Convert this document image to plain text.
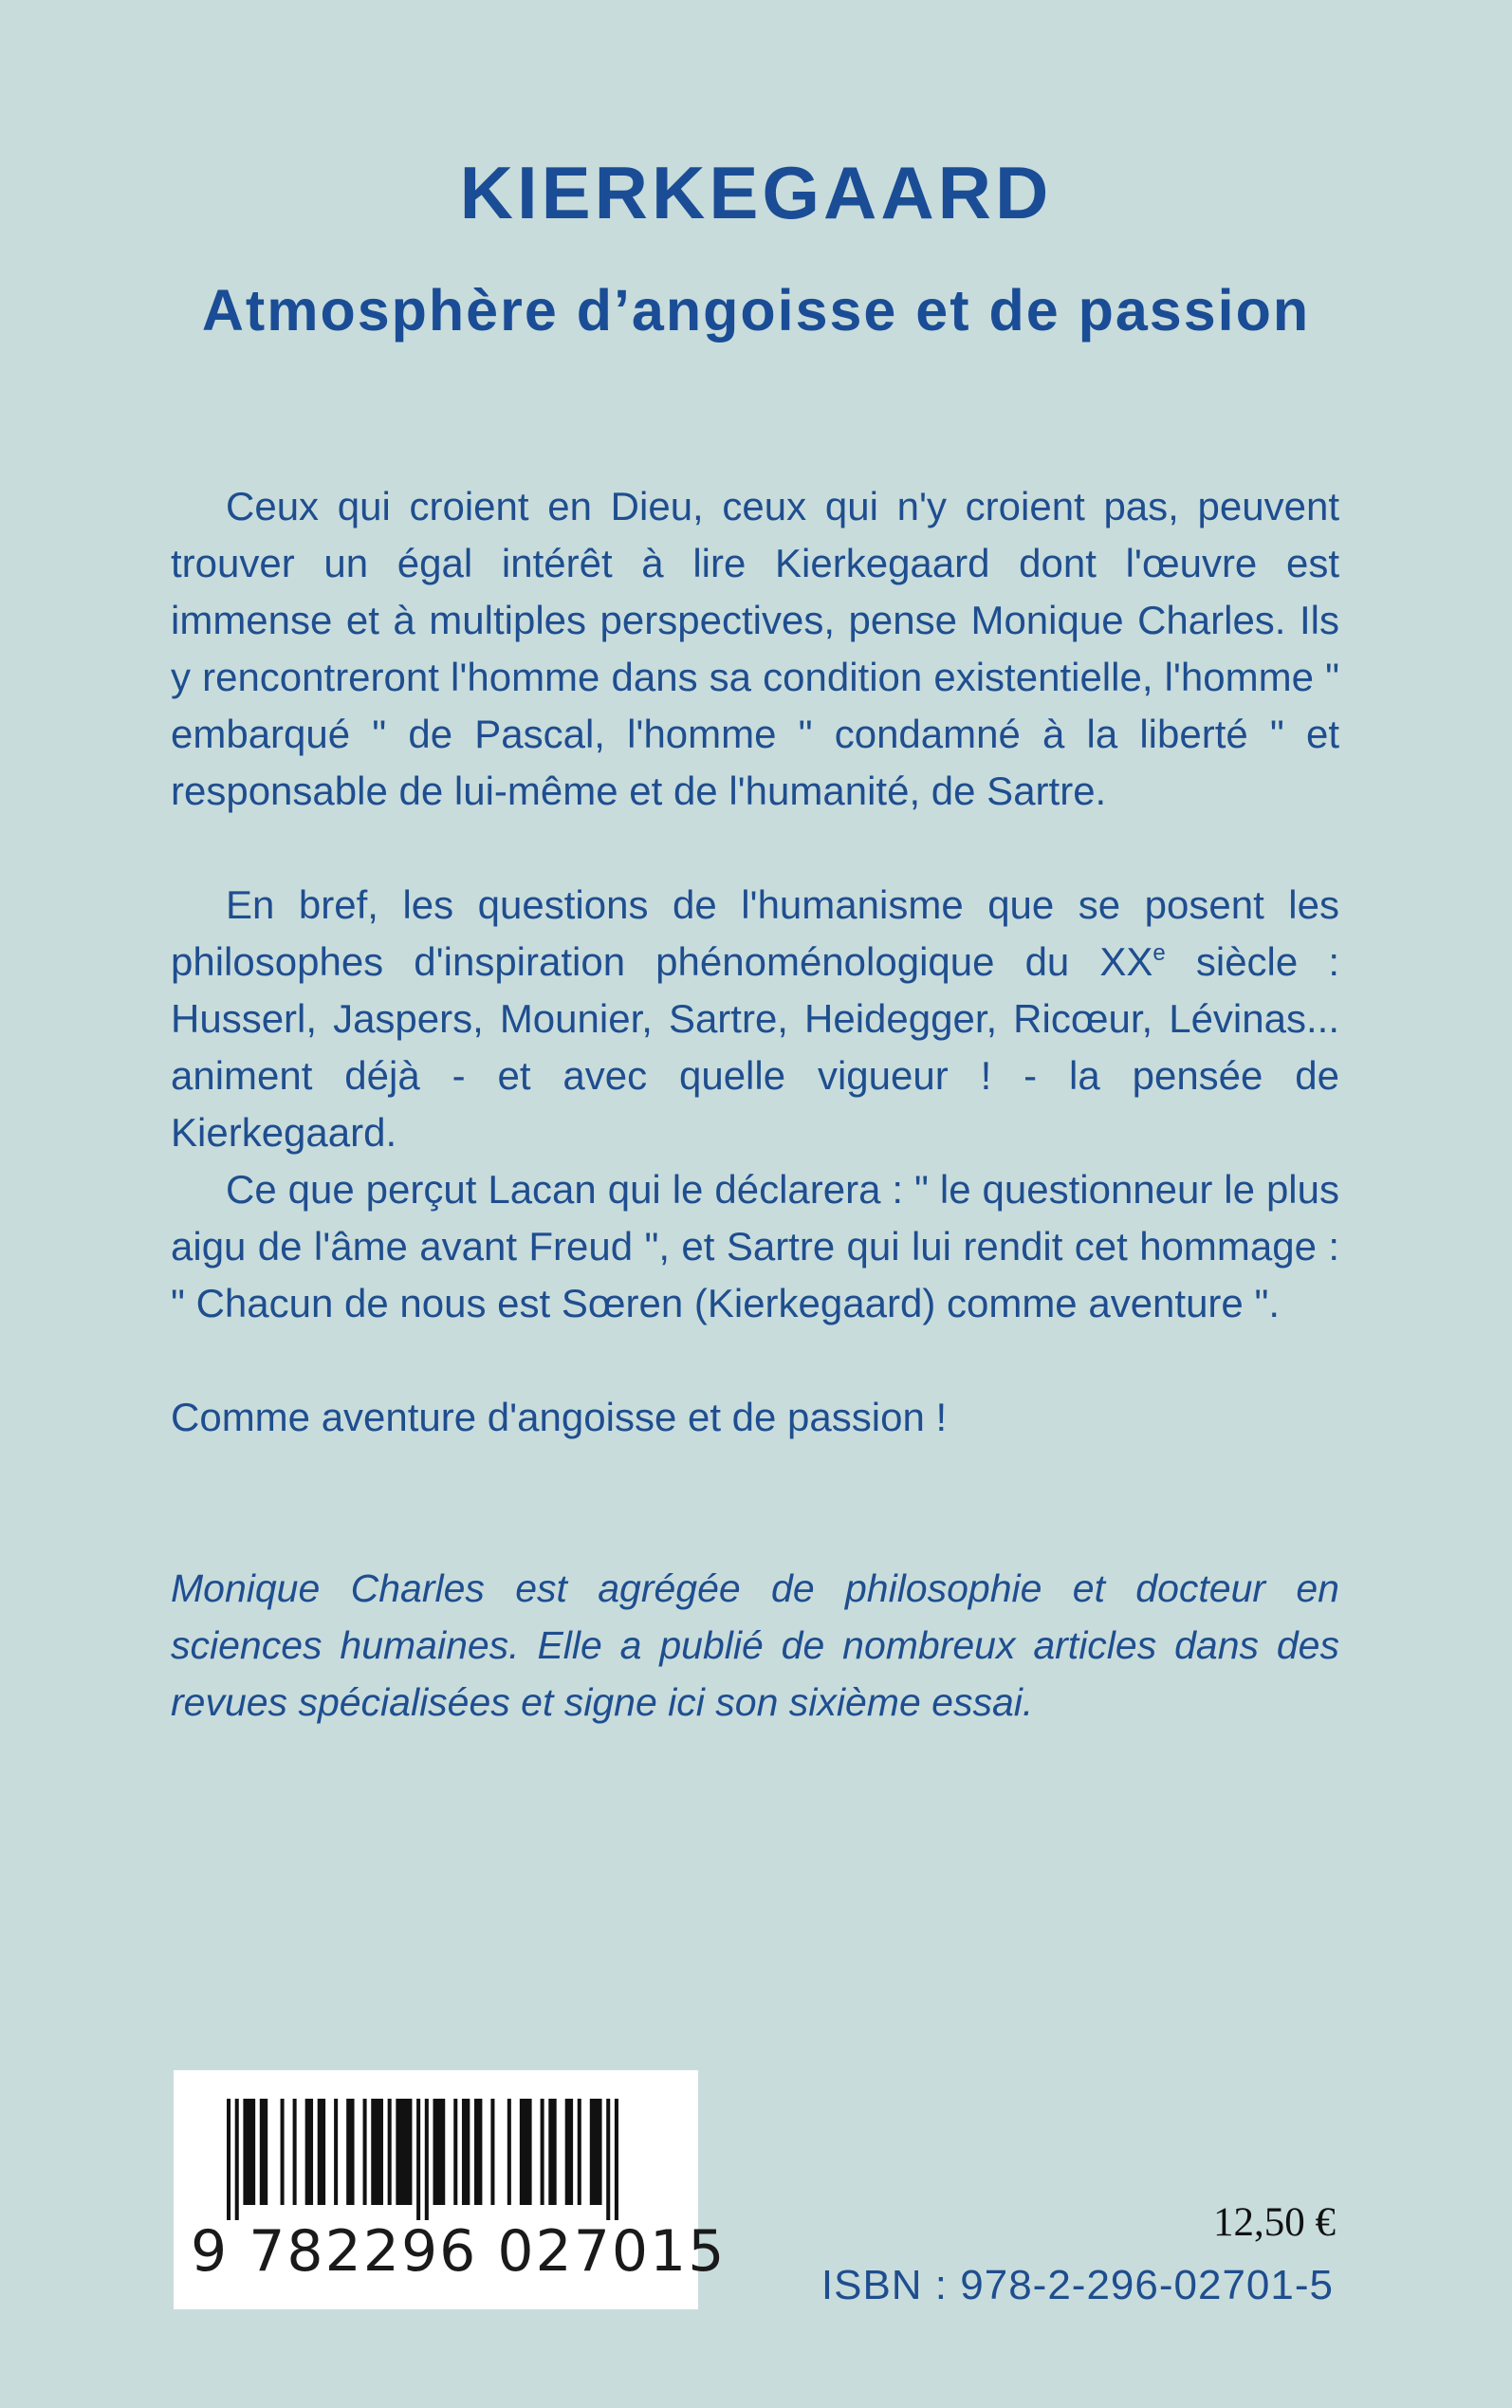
KIERKEGAARD
Atmosphère d’angoisse et de passion

Ceux qui croient en Dieu, ceux qui n'y croient pas, peuvent trouver un égal intérêt à lire Kierkegaard dont l'œuvre est immense et à multiples perspectives, pense Monique Charles. Ils y rencontreront l'homme dans sa condition existentielle, l'homme " embarqué " de Pascal, l'homme " condamné à la liberté " et responsable de lui-même et de l'humanité, de Sartre.

En bref, les questions de l'humanisme que se posent les philosophes d'inspiration phénoménologique du XXe siècle : Husserl, Jaspers, Mounier, Sartre, Heidegger, Ricœur, Lévinas... animent déjà - et avec quelle vigueur ! - la pensée de Kierkegaard.

Ce que perçut Lacan qui le déclarera : " le questionneur le plus aigu de l'âme avant Freud ", et Sartre qui lui rendit cet hommage : " Chacun de nous est Sœren (Kierkegaard) comme aventure ".

Comme aventure d'angoisse et de passion !

Monique Charles est agrégée de philosophie et docteur en sciences humaines. Elle a publié de nombreux articles dans des revues spécialisées et signe ici son sixième essai.

9 782296 027015	12,50 €
ISBN : 978-2-296-02701-5
